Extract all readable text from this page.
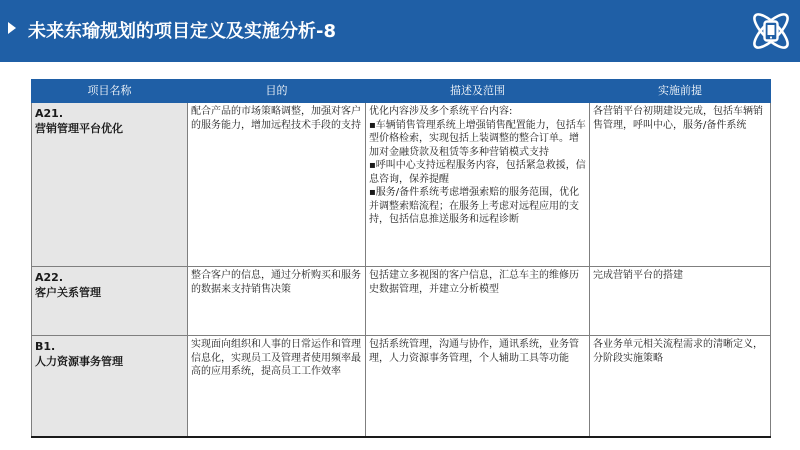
未来东瑜规划的项目定义及实施分析-8
项目名称	目的	描述及范围	实施前提

A21.
营销管理平台优化	配合产品的市场策略调整，加强对客户的服务能力，增加远程技术手段的支持	优化内容涉及多个系统平台内容:
▪车辆销售管理系统上增强销售配置能力，包括车型价格检索，实现包括上装调整的整合订单。增加对金融贷款及租赁等多种营销模式支持
▪呼叫中心支持远程服务内容，包括紧急救援，信息咨询，保养提醒
▪服务/备件系统考虑增强索赔的服务范围，优化并调整索赔流程；在服务上考虑对远程应用的支持，包括信息推送服务和远程诊断	各营销平台初期建设完成，包括车辆销售管理，呼叫中心，服务/备件系统

A22.
客户关系管理	整合客户的信息，通过分析购买和服务的数据来支持销售决策	包括建立多视图的客户信息，汇总车主的维修历史数据管理，并建立分析模型	完成营销平台的搭建

B1.
人力资源事务管理	实现面向组织和人事的日常运作和管理信息化，实现员工及管理者使用频率最高的应用系统，提高员工工作效率	包括系统管理，沟通与协作，通讯系统，业务管理，人力资源事务管理，个人辅助工具等功能	各业务单元相关流程需求的清晰定义，分阶段实施策略
